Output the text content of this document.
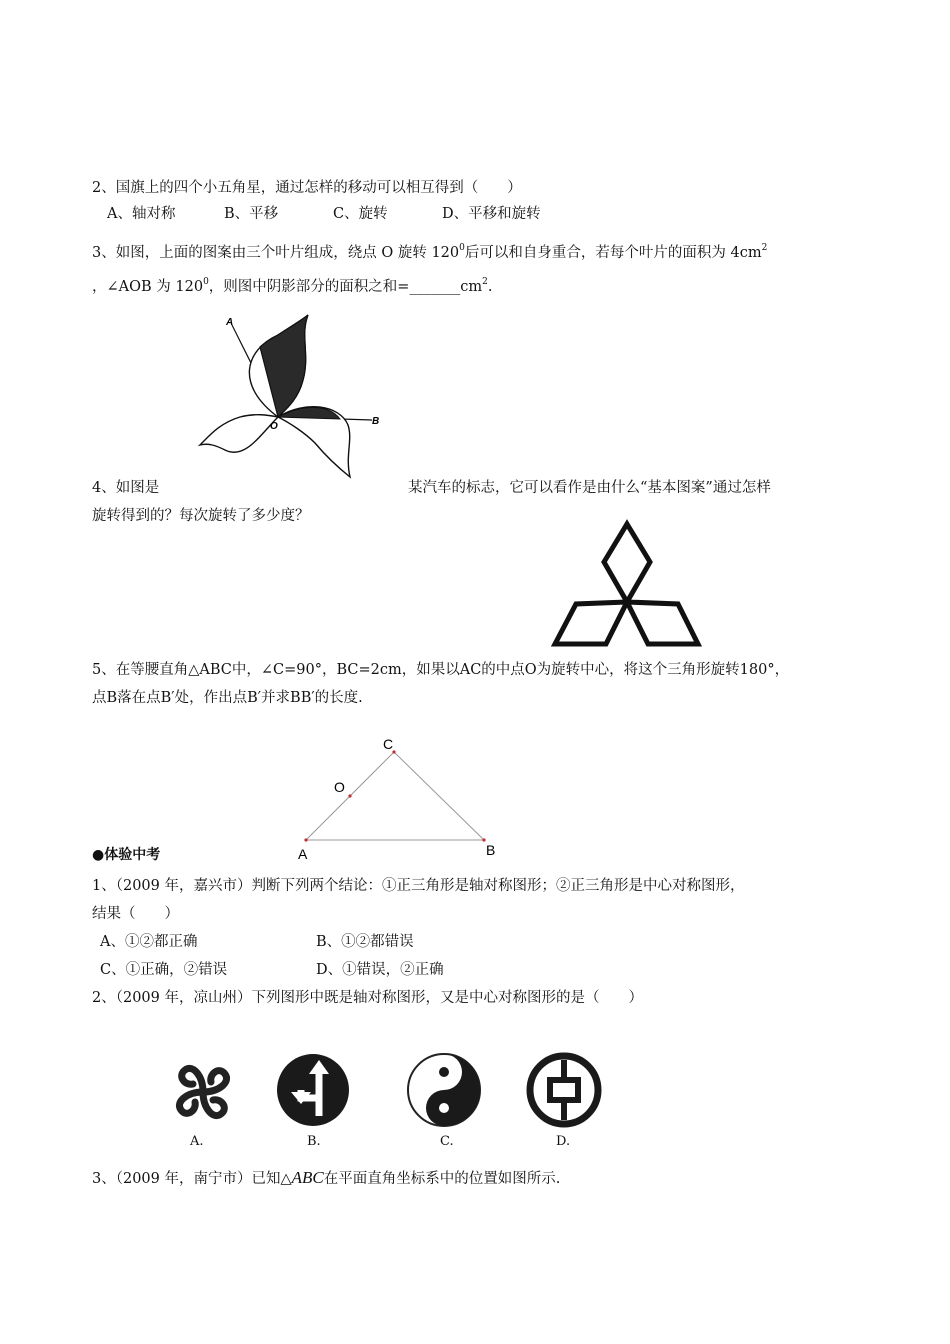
2、国旗上的四个小五角星，通过怎样的移动可以相互得到（　　）
A、轴对称	B、平移	C、旋转	D、平移和旋转
3、如图，上面的图案由三个叶片组成，绕点 O 旋转 $120^0$后可以和自身重合，若每个叶片的面积为 $4cm^2$
，∠AOB 为 $120^0$，则图中阴影部分的面积之和$=\_\_\_\_\_\_\_cm^2$.
A
B
O
4、如图是	某汽车的标志，它可以看作是由什么“基本图案”通过怎样
旋转得到的？每次旋转了多少度？
5、在等腰直角△ABC中，∠C=90°，BC=2cm，如果以AC的中点O为旋转中心，将这个三角形旋转180°，
点B落在点B′处，作出点B′并求BB′的长度.
C
O
A	B
●体验中考
1、（2009 年，嘉兴市）判断下列两个结论：①正三角形是轴对称图形；②正三角形是中心对称图形，
结果（　　）
A、①②都正确	B、①②都错误
C、①正确，②错误	D、①错误，②正确
2、（2009 年，凉山州）下列图形中既是轴对称图形，又是中心对称图形的是（　　）
A.	B.	C.	D.
3、（2009 年，南宁市）已知△ABC在平面直角坐标系中的位置如图所示.
